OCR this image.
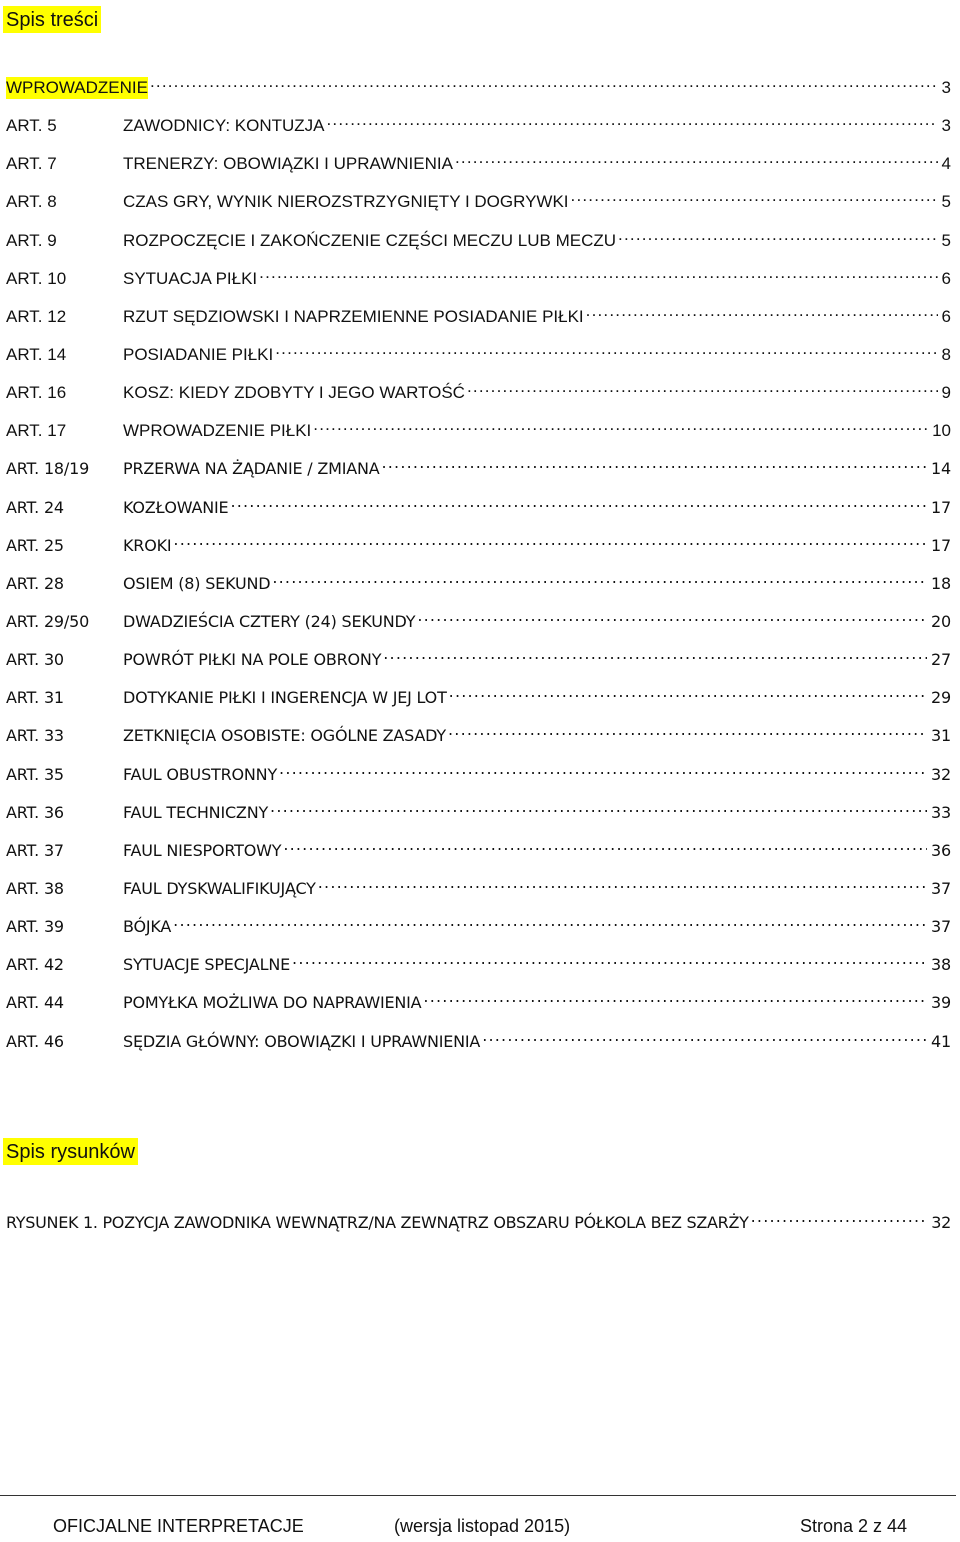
Spis treści
WPROWADZENIE .....	3
ART. 5	ZAWODNICY: KONTUZJA .....	3
ART. 7	TRENERZY: OBOWIĄZKI I UPRAWNIENIA .....	4
ART. 8	CZAS GRY, WYNIK NIEROZSTRZYGNIĘTY I DOGRYWKI .....	5
ART. 9	ROZPOCZĘCIE I ZAKOŃCZENIE CZĘŚCI MECZU LUB MECZU .....	5
ART. 10	SYTUACJA PIŁKI .....	6
ART. 12	RZUT SĘDZIOWSKI I NAPRZEMIENNE POSIADANIE PIŁKI .....	6
ART. 14	POSIADANIE PIŁKI .....	8
ART. 16	KOSZ: KIEDY ZDOBYTY I JEGO WARTOŚĆ .....	9
ART. 17	WPROWADZENIE PIŁKI .....	10
ART. 18/19	PRZERWA NA ŻĄDANIE / ZMIANA .....	14
ART. 24	KOZŁOWANIE .....	17
ART. 25	KROKI .....	17
ART. 28	OSIEM (8) SEKUND .....	18
ART. 29/50	DWADZIEŚCIA CZTERY (24) SEKUNDY .....	20
ART. 30	POWRÓT PIŁKI NA POLE OBRONY .....	27
ART. 31	DOTYKANIE PIŁKI I INGERENCJA W JEJ LOT .....	29
ART. 33	ZETKNIĘCIA OSOBISTE: OGÓLNE ZASADY .....	31
ART. 35	FAUL OBUSTRONNY .....	32
ART. 36	FAUL TECHNICZNY .....	33
ART. 37	FAUL NIESPORTOWY .....	36
ART. 38	FAUL DYSKWALIFIKUJĄCY .....	37
ART. 39	BÓJKA .....	37
ART. 42	SYTUACJE SPECJALNE .....	38
ART. 44	POMYŁKA MOŻLIWA DO NAPRAWIENIA .....	39
ART. 46	SĘDZIA GŁÓWNY: OBOWIĄZKI I UPRAWNIENIA .....	41
Spis rysunków
RYSUNEK 1. POZYCJA ZAWODNIKA WEWNĄTRZ/NA ZEWNĄTRZ OBSZARU PÓŁKOLA BEZ SZARŻY .....	32
OFICJALNE INTERPRETACJE	(wersja listopad 2015)	Strona 2 z 44
